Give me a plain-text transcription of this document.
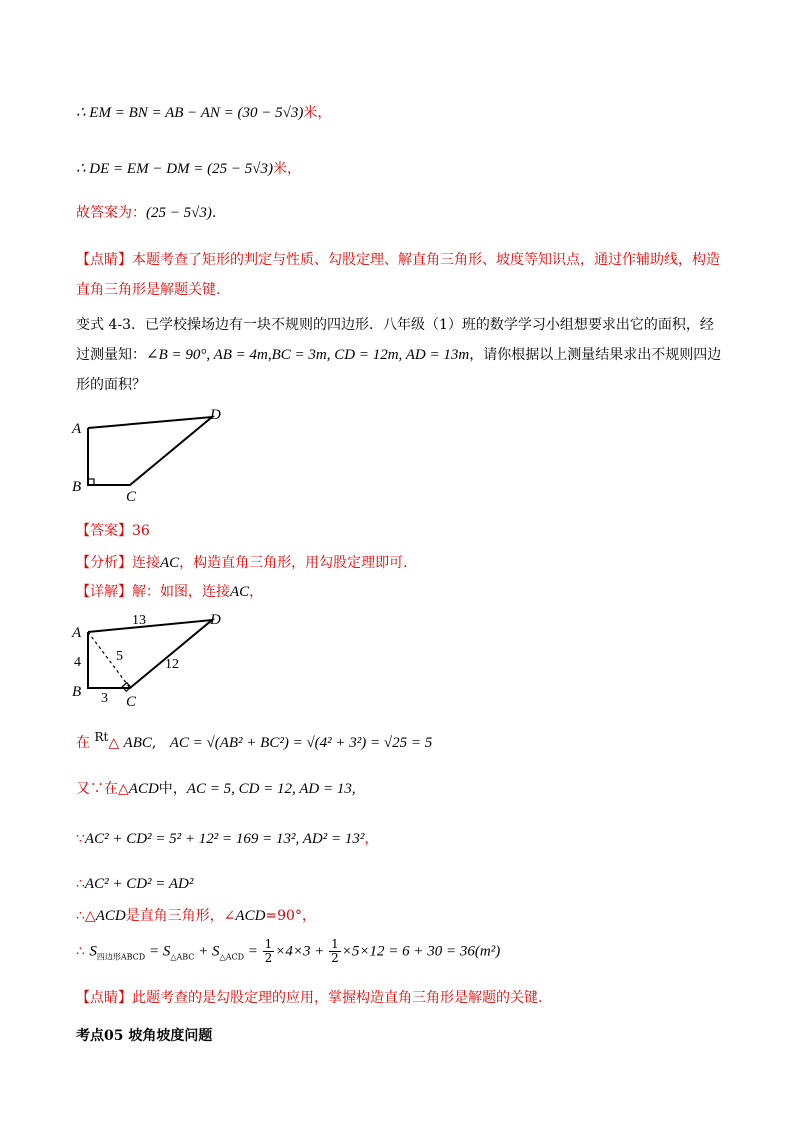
∴ EM = BN = AB − AN = (30 − 5√3)米，
∴ DE = EM − DM = (25 − 5√3)米，
故答案为：(25 − 5√3).
【点睛】本题考查了矩形的判定与性质、勾股定理、解直角三角形、坡度等知识点，通过作辅助线，构造直角三角形是解题关键.
变式 4-3．已学校操场边有一块不规则的四边形．八年级（1）班的数学学习小组想要求出它的面积，经过测量知：∠B = 90°, AB = 4m,BC = 3m, CD = 12m, AD = 13m，请你根据以上测量结果求出不规则四边形的面积？
A
B
C
D
【答案】36
【分析】连接AC，构造直角三角形，用勾股定理即可.
【详解】解：如图，连接AC，
A
B
C
D
4
3
5
12
13
在 Rt△ ABC,   AC = √(AB² + BC²) = √(4² + 3²) = √25 = 5
又∵在△ACD中，AC = 5, CD = 12, AD = 13,
∵AC² + CD² = 5² + 12² = 169 = 13², AD² = 13²，
∴AC² + CD² = AD²
∴△ACD是直角三角形，∠ACD=90°，
∴ $S_{四边形ABCD} = S_{\triangle ABC} + S_{\triangle ACD} = \frac{1}{2} \times 4\times 3 + \frac{1}{2} \times 5\times 12 = 6 + 30 = 36(m^2)$
【点睛】此题考查的是勾股定理的应用，掌握构造直角三角形是解题的关键.
考点05 坡角坡度问题
